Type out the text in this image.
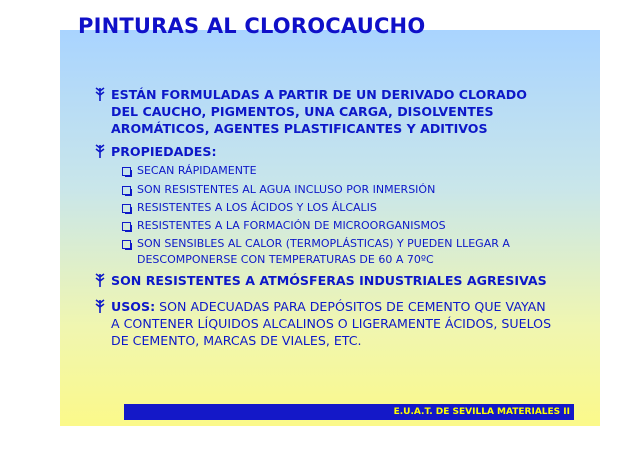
PINTURAS AL CLOROCAUCHO
ESTÁN FORMULADAS A PARTIR DE UN DERIVADO CLORADO
DEL CAUCHO, PIGMENTOS, UNA CARGA, DISOLVENTES
AROMÁTICOS, AGENTES PLASTIFICANTES Y ADITIVOS
PROPIEDADES:
SECAN RÁPIDAMENTE
SON RESISTENTES AL AGUA INCLUSO POR INMERSIÓN
RESISTENTES A LOS ÁCIDOS Y LOS ÁLCALIS
RESISTENTES A LA FORMACIÓN DE MICROORGANISMOS
SON SENSIBLES AL CALOR (TERMOPLÁSTICAS) Y PUEDEN LLEGAR A
DESCOMPONERSE CON TEMPERATURAS DE 60 A 70ºC
SON RESISTENTES A ATMÓSFERAS INDUSTRIALES AGRESIVAS
USOS: SON ADECUADAS PARA DEPÓSITOS DE CEMENTO QUE VAYAN
A CONTENER LÍQUIDOS ALCALINOS O LIGERAMENTE ÁCIDOS, SUELOS
DE CEMENTO, MARCAS DE VIALES, ETC.
E.U.A.T. DE SEVILLA MATERIALES II
